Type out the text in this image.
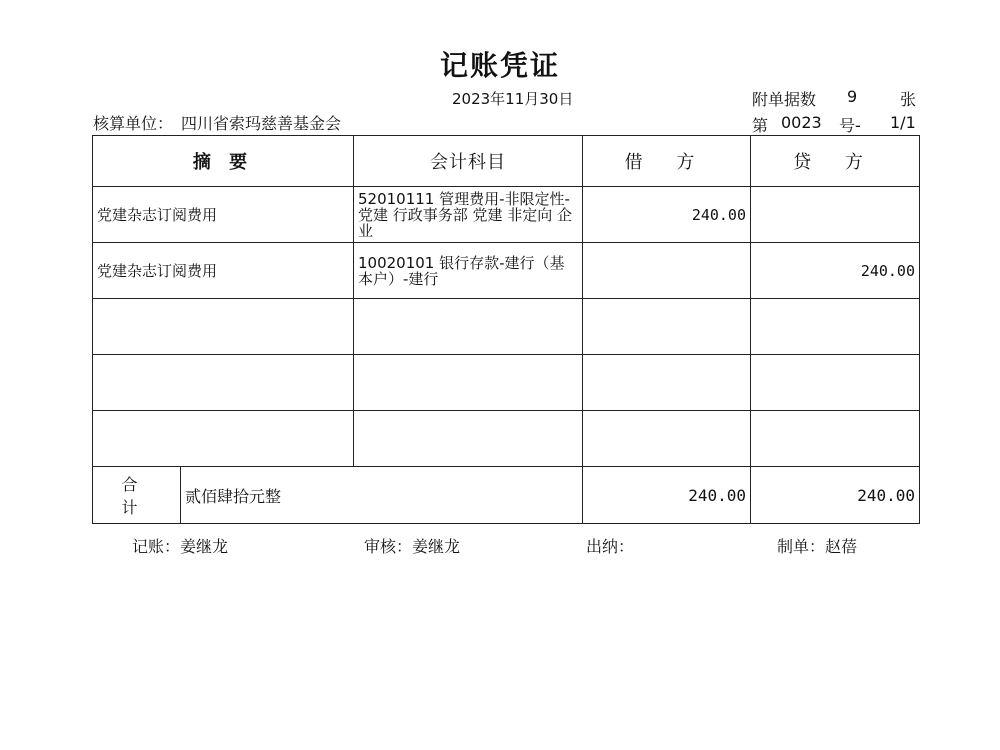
记账凭证
2023年11月30日	附单据数 9	张
核算单位： 四川省索玛慈善基金会	第 0023 号- 1/1
摘 要		会计科目	借 方	贷 方
党建杂志订阅费用		52010111 管理费用-非限定性-党建 行政事务部 党建 非定向 企业	240.00	
党建杂志订阅费用		10020101 银行存款-建行（基本户）-建行		240.00

合 计	贰佰肆拾元整		240.00	240.00
记账：姜继龙	审核：姜继龙	出纳：	制单：赵蓓
